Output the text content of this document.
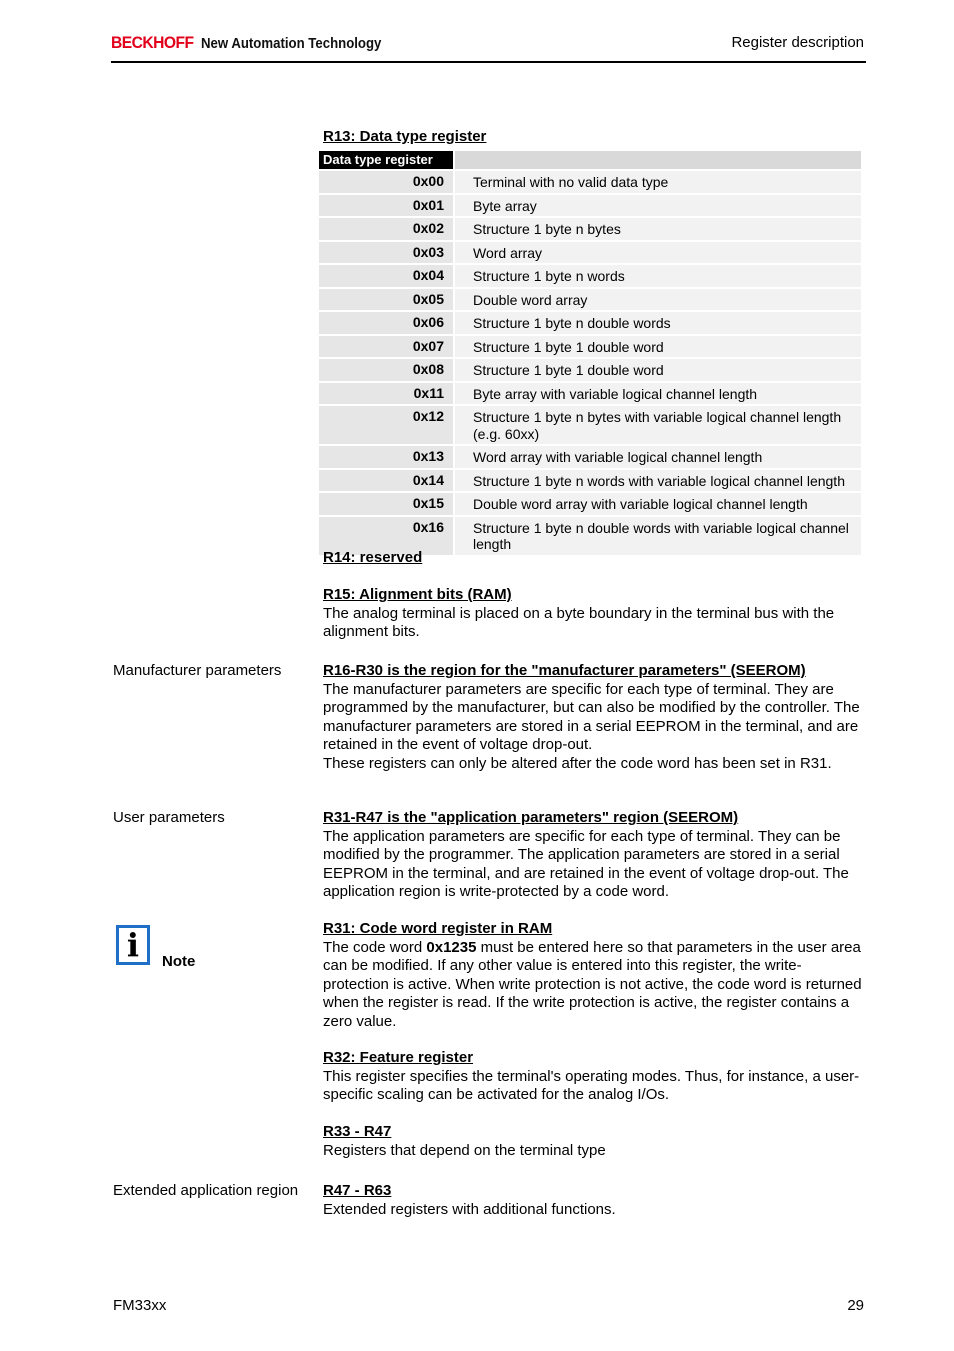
BECKHOFF New Automation Technology	Register description
R13: Data type register
Data type register
0x00	Terminal with no valid data type
0x01	Byte array
0x02	Structure 1 byte n bytes
0x03	Word array
0x04	Structure 1 byte n words
0x05	Double word array
0x06	Structure 1 byte n double words
0x07	Structure 1 byte 1 double word
0x08	Structure 1 byte 1 double word
0x11	Byte array with variable logical channel length
0x12	Structure 1 byte n bytes with variable logical channel length (e.g. 60xx)
0x13	Word array with variable logical channel length
0x14	Structure 1 byte n words with variable logical channel length
0x15	Double word array with variable logical channel length
0x16	Structure 1 byte n double words with variable logical channel length
R14: reserved
R15: Alignment bits (RAM)
The analog terminal is placed on a byte boundary in the terminal bus with the alignment bits.
Manufacturer parameters	R16-R30 is the region for the "manufacturer parameters" (SEEROM)
The manufacturer parameters are specific for each type of terminal. They are programmed by the manufacturer, but can also be modified by the controller. The manufacturer parameters are stored in a serial EEPROM in the terminal, and are retained in the event of voltage drop-out.
These registers can only be altered after the code word has been set in R31.
User parameters	R31-R47 is the "application parameters" region (SEEROM)
The application parameters are specific for each type of terminal. They can be modified by the programmer. The application parameters are stored in a serial EEPROM in the terminal, and are retained in the event of voltage drop-out. The application region is write-protected by a code word.
i	Note
R31: Code word register in RAM
The code word 0x1235 must be entered here so that parameters in the user area can be modified. If any other value is entered into this register, the write-protection is active. When write protection is not active, the code word is returned when the register is read. If the write protection is active, the register contains a zero value.
R32: Feature register
This register specifies the terminal's operating modes. Thus, for instance, a user-specific scaling can be activated for the analog I/Os.
R33 - R47
Registers that depend on the terminal type
Extended application region R47 - R63
Extended registers with additional functions.
FM33xx	29
